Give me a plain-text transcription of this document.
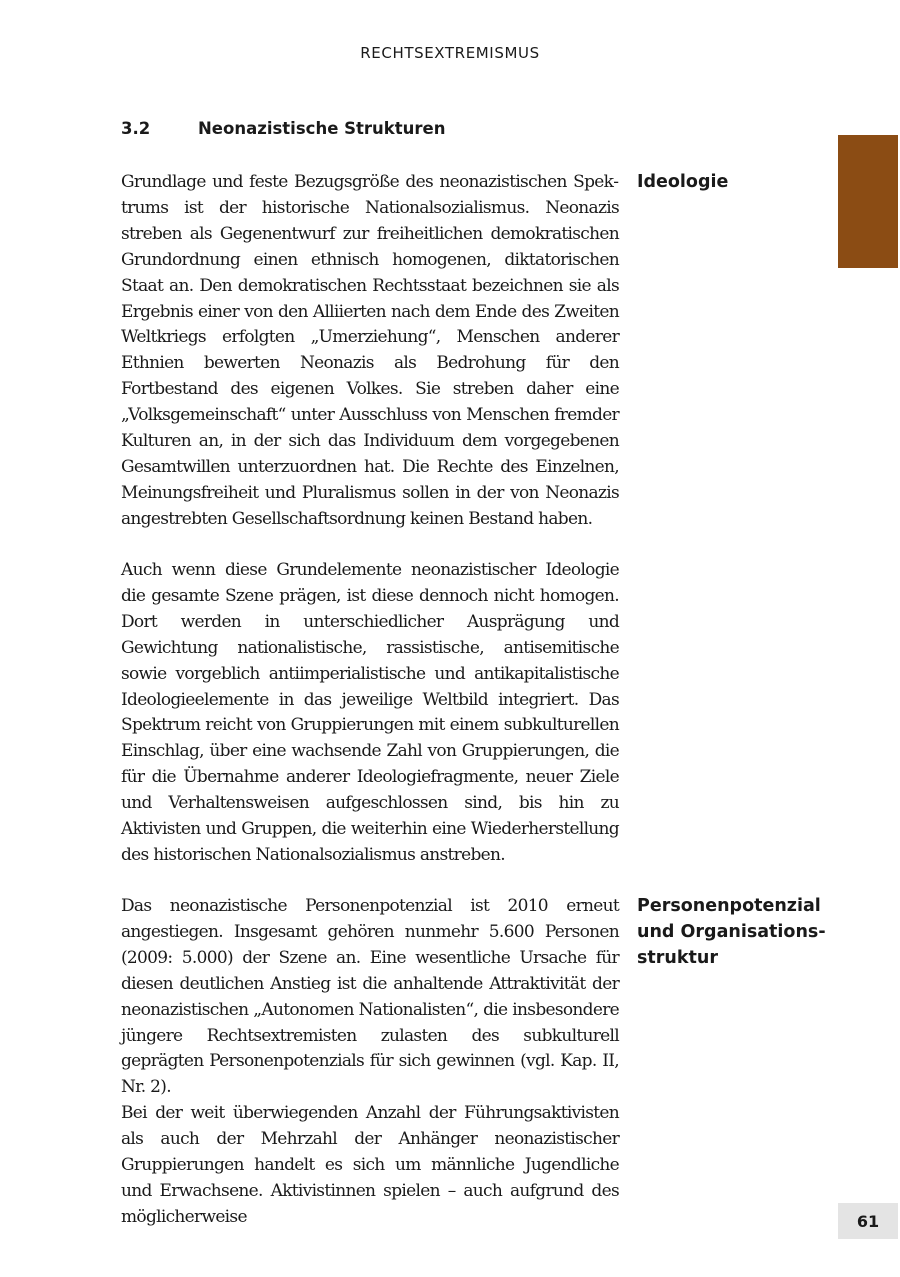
RECHTSEXTREMISMUS
3.2	Neonazistische Strukturen

Grundlage und feste Bezugsgröße des neonazistischen Spektrums ist der historische Nationalsozialismus. Neonazis streben als Gegenentwurf zur freiheitlichen demokratischen Grundordnung einen ethnisch homogenen, diktatorischen Staat an. Den demokratischen Rechtsstaat bezeichnen sie als Ergebnis einer von den Alliierten nach dem Ende des Zweiten Weltkriegs erfolgten „Umerziehung“, Menschen anderer Ethnien bewerten Neonazis als Bedrohung für den Fortbestand des eigenen Volkes. Sie streben daher eine „Volksgemeinschaft“ unter Ausschluss von Menschen fremder Kulturen an, in der sich das Individuum dem vorgegebenen Gesamtwillen unterzuordnen hat. Die Rechte des Einzelnen, Meinungsfreiheit und Pluralismus sollen in der von Neonazis angestrebten Gesellschaftsordnung keinen Bestand haben.

Auch wenn diese Grundelemente neonazistischer Ideologie die gesamte Szene prägen, ist diese dennoch nicht homogen. Dort werden in unterschiedlicher Ausprägung und Gewichtung nationalistische, rassistische, antisemitische sowie vorgeblich antiimperialistische und antikapitalistische Ideologieelemente in das jeweilige Weltbild integriert. Das Spektrum reicht von Gruppierungen mit einem subkulturellen Einschlag, über eine wachsende Zahl von Gruppierungen, die für die Übernahme anderer Ideologiefragmente, neuer Ziele und Verhaltensweisen aufgeschlossen sind, bis hin zu Aktivisten und Gruppen, die weiterhin eine Wiederherstellung des historischen Nationalsozialismus anstreben.

Das neonazistische Personenpotenzial ist 2010 erneut angestiegen. Insgesamt gehören nunmehr 5.600 Personen (2009: 5.000) der Szene an. Eine wesentliche Ursache für diesen deutlichen Anstieg ist die anhaltende Attraktivität der neonazistischen „Autonomen Nationalisten“, die insbesondere jüngere Rechtsextremisten zulasten des subkulturell geprägten Personenpotenzials für sich gewinnen (vgl. Kap. II, Nr. 2).

Bei der weit überwiegenden Anzahl der Führungsaktivisten als auch der Mehrzahl der Anhänger neonazistischer Gruppierungen handelt es sich um männliche Jugendliche und Erwachsene. Aktivistinnen spielen – auch aufgrund des möglicherweise

Ideologie

Personenpotenzial
und Organisations-
struktur

61
